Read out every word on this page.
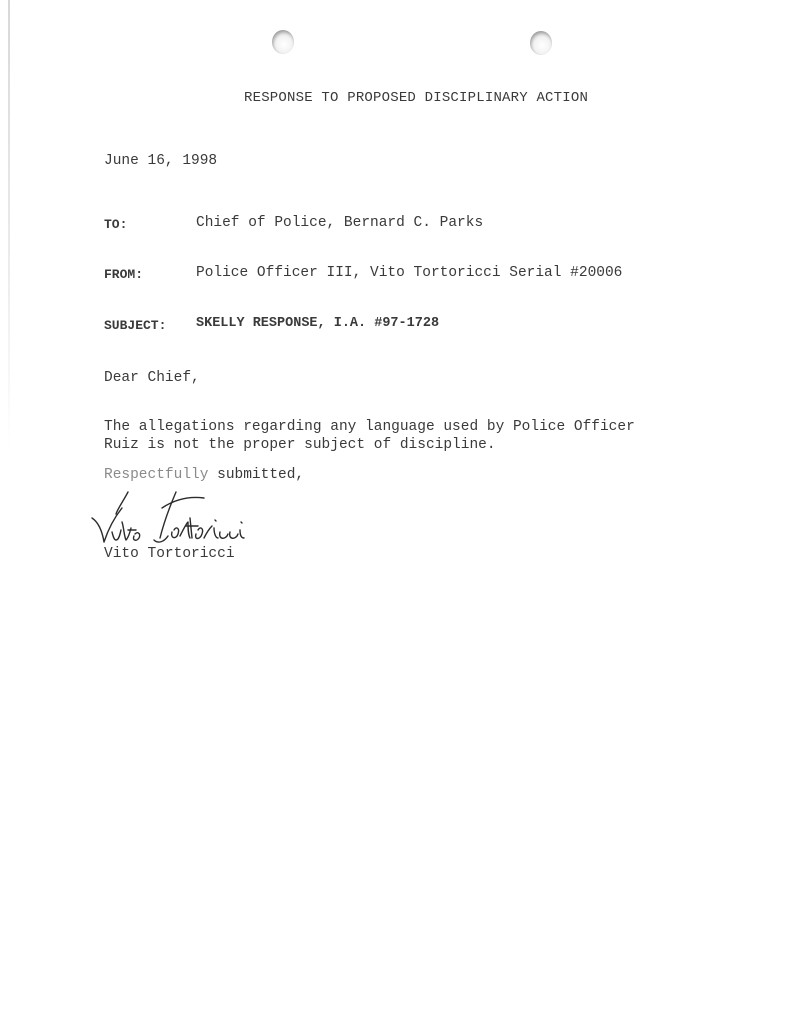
RESPONSE TO PROPOSED DISCIPLINARY ACTION
June 16, 1998
TO:	Chief of Police, Bernard C. Parks
FROM:	Police Officer III, Vito Tortoricci Serial #20006
SUBJECT: SKELLY RESPONSE, I.A. #97-1728
Dear Chief,
The allegations regarding any language used by Police Officer
Ruiz is not the proper subject of discipline.
Respectfully submitted,
Vito Tortoricci
